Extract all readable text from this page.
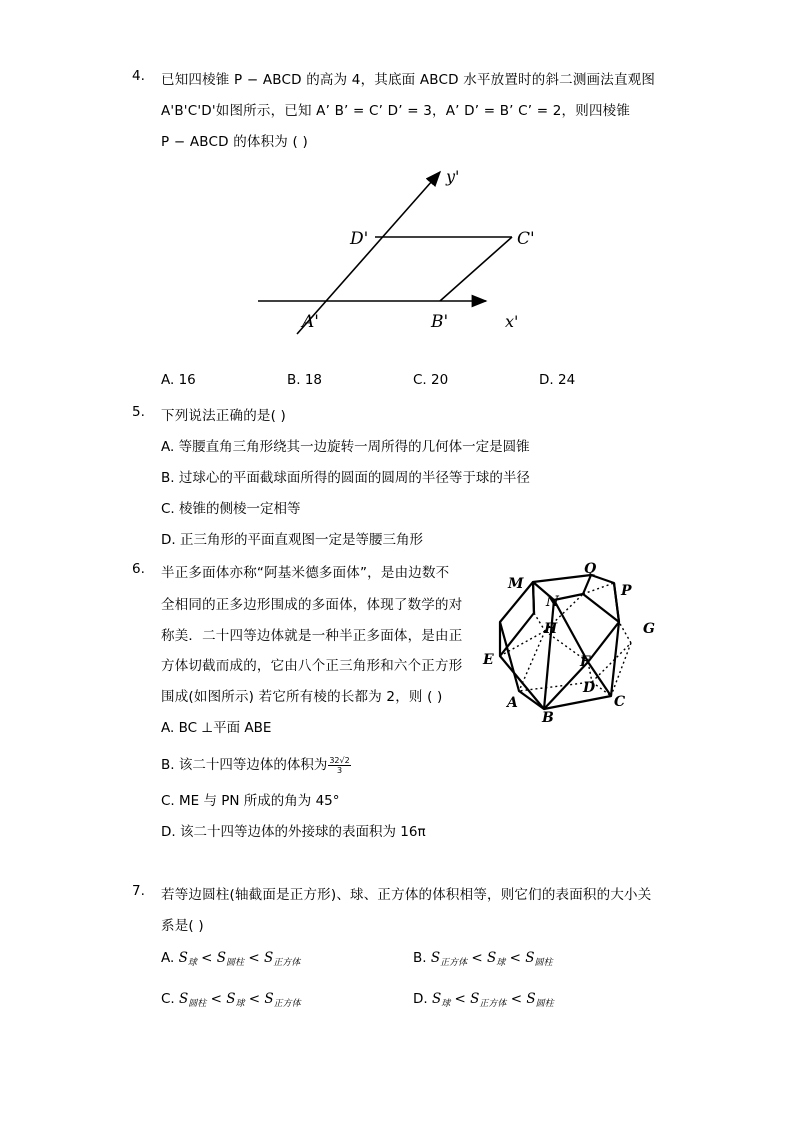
4. 已知四棱锥 P − ABCD 的高为 4，其底面 ABCD 水平放置时的斜二测画法直观图
A'B'C'D'如图所示，已知 A’ B’ = C’ D’ = 3，A’ D’ = B’ C’ = 2，则四棱锥
P − ABCD 的体积为 ( )
y'
D'	C'
A'	B'	x'
A. 16	B. 18	C. 20	D. 24
5. 下列说法正确的是( )
A. 等腰直角三角形绕其一边旋转一周所得的几何体一定是圆锥
B. 过球心的平面截球面所得的圆面的圆周的半径等于球的半径
C. 棱锥的侧棱一定相等
D. 正三角形的平面直观图一定是等腰三角形
6. 半正多面体亦称“阿基米德多面体”，是由边数不
全相同的正多边形围成的多面体，体现了数学的对
称美．二十四等边体就是一种半正多面体，是由正
方体切截而成的，它由八个正三角形和六个正方形
围成(如图所示) 若它所有棱的长都为 2，则 ( )
A. BC ⊥平面 ABE
B. 该二十四等边体的体积为 $\frac{32√2}{3}$
C. ME 与 PN 所成的角为 45°
D. 该二十四等边体的外接球的表面积为 16π
M
Q
P
N
H	G
E	F
D
A
B
C
7. 若等边圆柱(轴截面是正方形)、球、正方体的体积相等，则它们的表面积的大小关
系是( )
A. $S_球 < S_{圆柱} < S_{正方体}$	B. $S_{正方体} < S_球 < S_{圆柱}$
C. $S_{圆柱} < S_球 < S_{正方体}$	D. $S_球 < S_{正方体} < S_{圆柱}$
